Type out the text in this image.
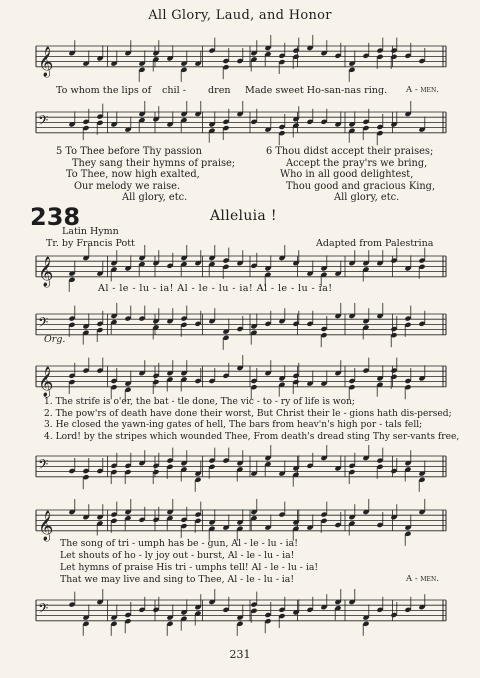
All Glory, Laud, and Honor
𝄞
To whom the lips of chil - dren Made sweet Ho-san-nas ring. A - men.
𝄢
5 To Thee before Thy passion
They sang their hymns of praise;
To Thee, now high exalted,
Our melody we raise.
All glory, etc.
6 Thou didst accept their praises;
Accept the pray'rs we bring,
Who in all good delightest,
Thou good and gracious King,
All glory, etc.
238	Alleluia !
Latin Hymn
Tr. by Francis Pott	Adapted from Palestrina
𝄞
Al - le - lu - ia! Al - le - lu - ia! Al - le - lu - ia!
𝄢
Org.
𝄞
1. The strife is o'er, the bat - tle done, The vic - to - ry of life is won;
2. The pow'rs of death have done their worst, But Christ their le - gions hath dis-persed;
3. He closed the yawn-ing gates of hell, The bars from heav'n's high por - tals fell;
4. Lord! by the stripes which wounded Thee, From death's dread sting Thy ser-vants free,
𝄢
𝄞
The song of tri - umph has be - gun, Al - le - lu - ia!
Let shouts of ho - ly joy out - burst, Al - le - lu - ia!
Let hymns of praise His tri - umphs tell! Al - le - lu - ia!
That we may live and sing to Thee, Al - le - lu - ia!	A - men.
𝄢
231
